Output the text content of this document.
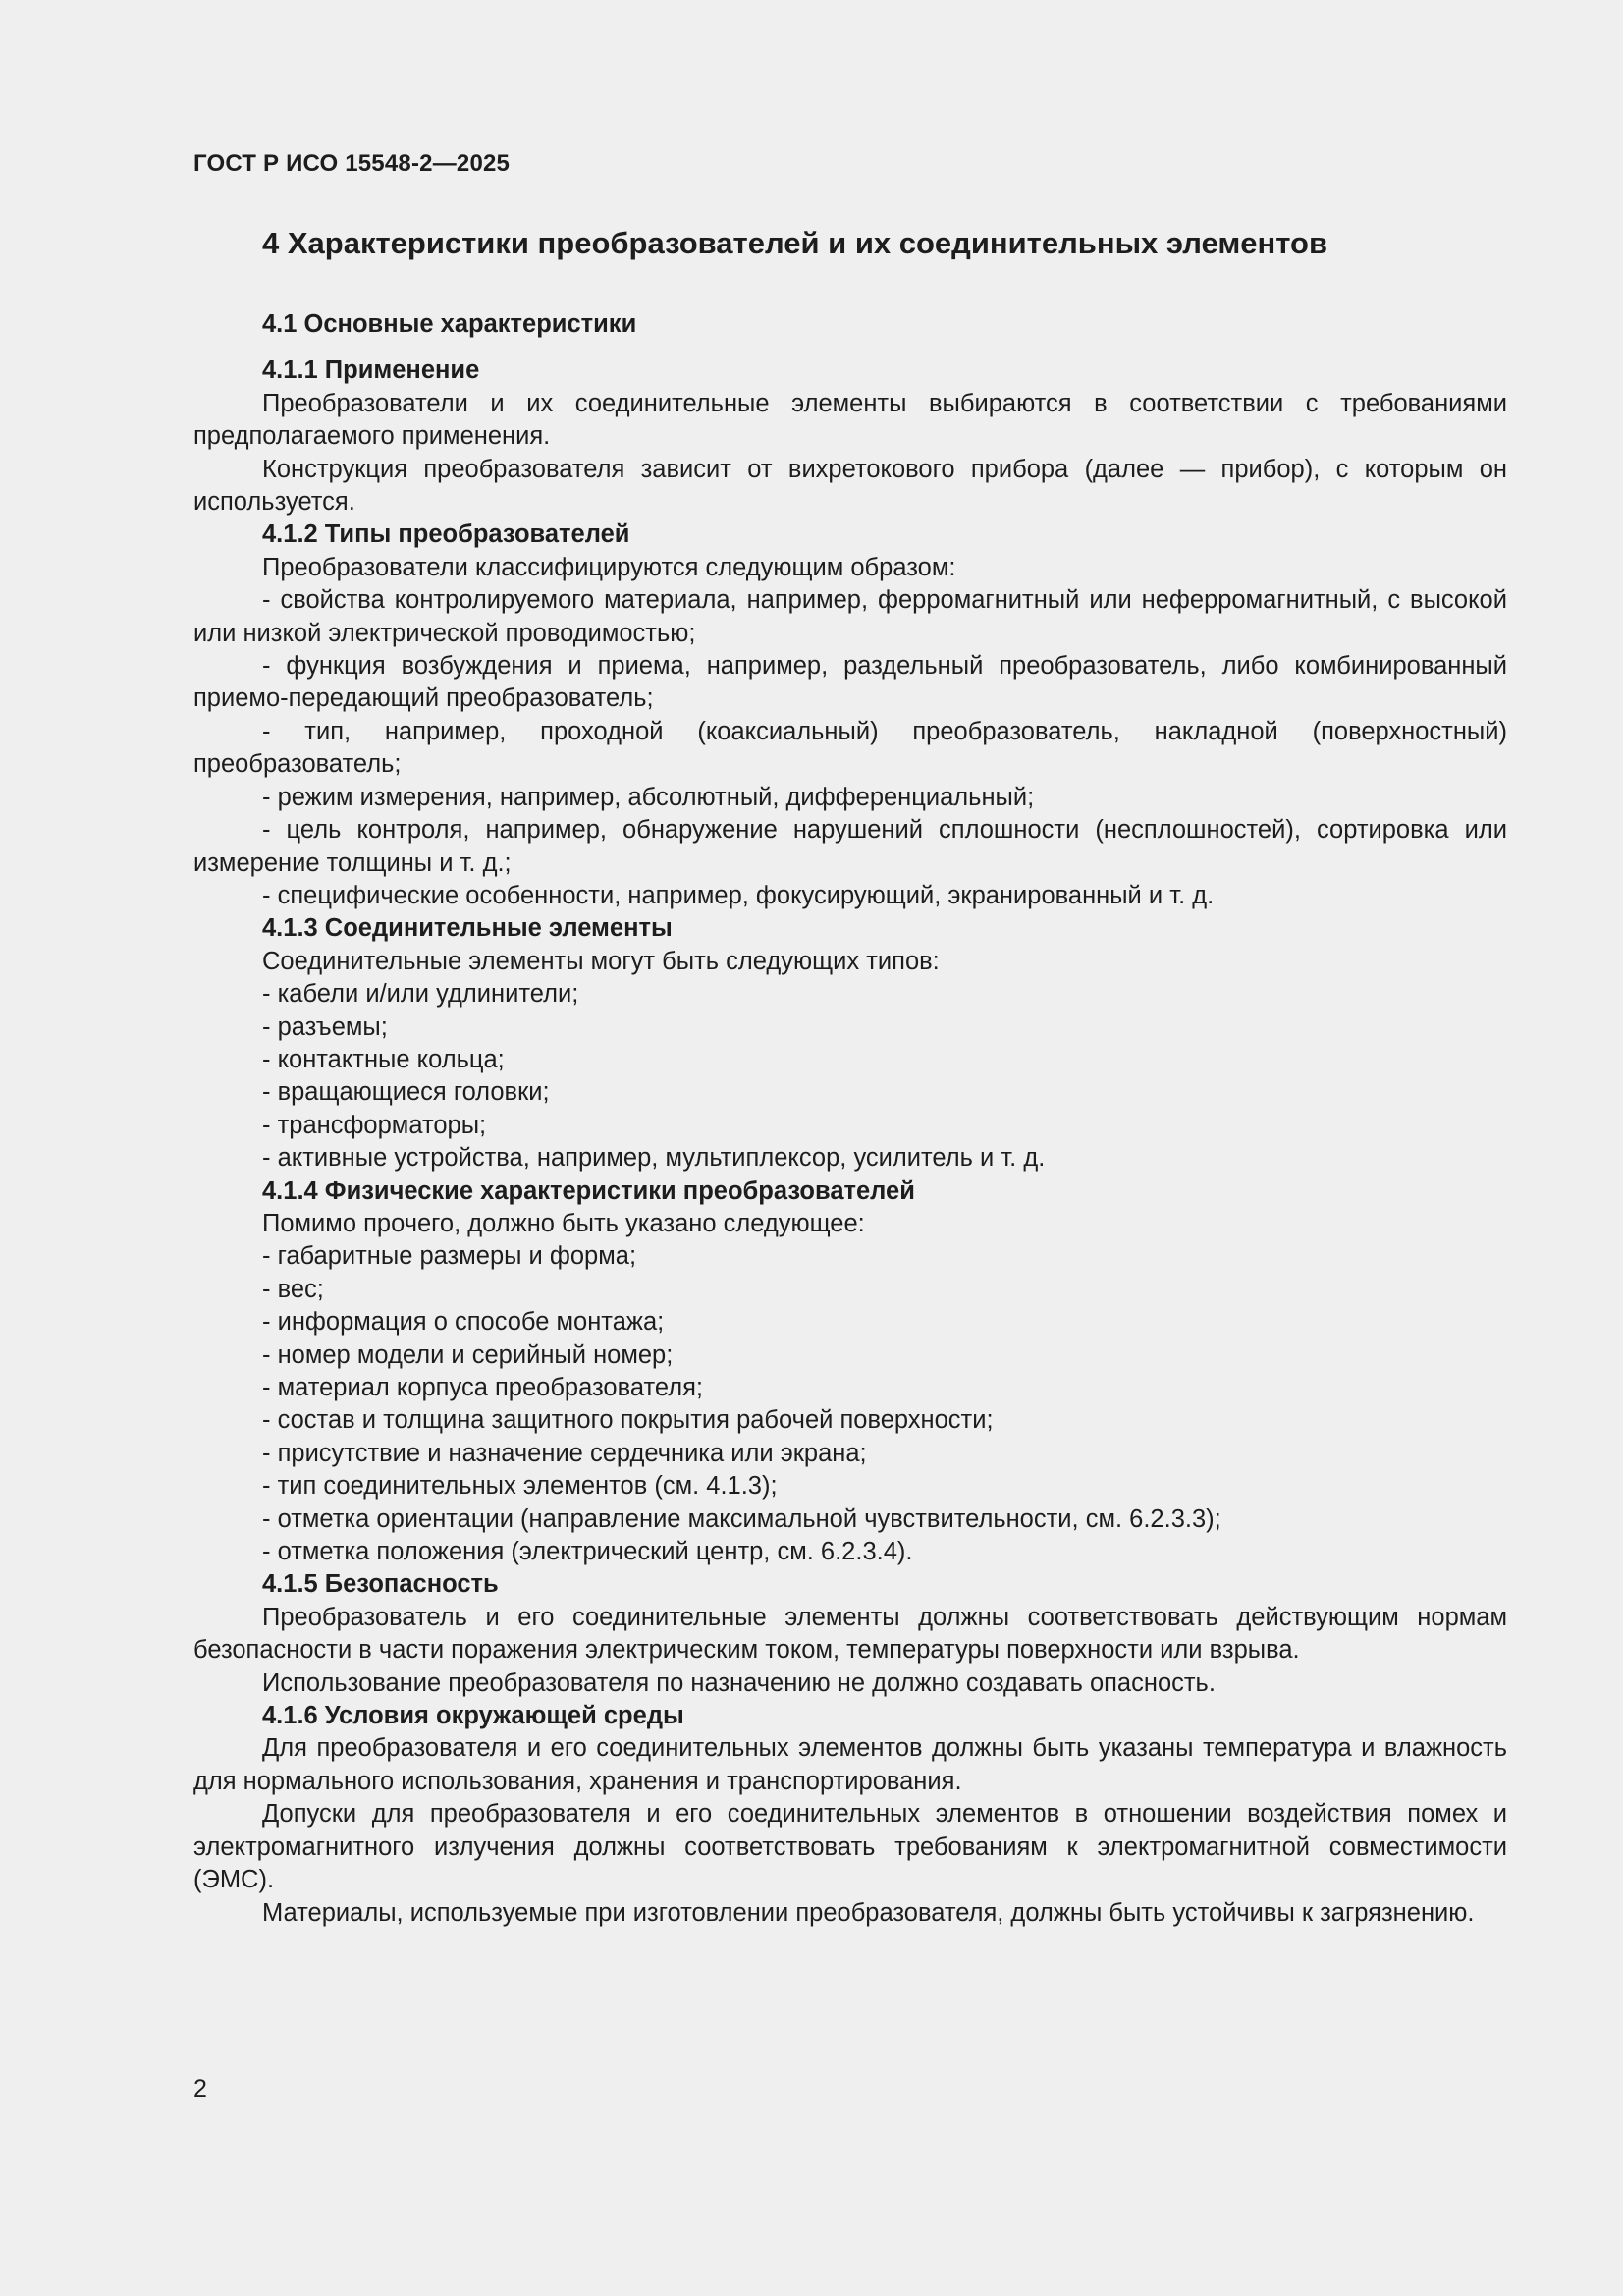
ГОСТ Р ИСО 15548-2—2025
4 Характеристики преобразователей и их соединительных элементов
4.1 Основные характеристики
4.1.1 Применение

Преобразователи и их соединительные элементы выбираются в соответствии с требованиями предполагаемого применения.

Конструкция преобразователя зависит от вихретокового прибора (далее — прибор), с которым он используется.

4.1.2 Типы преобразователей

Преобразователи классифицируются следующим образом:

- свойства контролируемого материала, например, ферромагнитный или неферромагнитный, с высокой или низкой электрической проводимостью;

- функция возбуждения и приема, например, раздельный преобразователь, либо комбинированный приемо-передающий преобразователь;

- тип, например, проходной (коаксиальный) преобразователь, накладной (поверхностный) преобразователь;

- режим измерения, например, абсолютный, дифференциальный;

- цель контроля, например, обнаружение нарушений сплошности (несплошностей), сортировка или измерение толщины и т. д.;

- специфические особенности, например, фокусирующий, экранированный и т. д.

4.1.3 Соединительные элементы

Соединительные элементы могут быть следующих типов:

- кабели и/или удлинители;
- разъемы;
- контактные кольца;
- вращающиеся головки;
- трансформаторы;
- активные устройства, например, мультиплексор, усилитель и т. д.
4.1.4 Физические характеристики преобразователей

Помимо прочего, должно быть указано следующее:

- габаритные размеры и форма;
- вес;
- информация о способе монтажа;
- номер модели и серийный номер;
- материал корпуса преобразователя;
- состав и толщина защитного покрытия рабочей поверхности;
- присутствие и назначение сердечника или экрана;
- тип соединительных элементов (см. 4.1.3);
- отметка ориентации (направление максимальной чувствительности, см. 6.2.3.3);
- отметка положения (электрический центр, см. 6.2.3.4).
4.1.5 Безопасность

Преобразователь и его соединительные элементы должны соответствовать действующим нормам безопасности в части поражения электрическим током, температуры поверхности или взрыва.

Использование преобразователя по назначению не должно создавать опасность.

4.1.6 Условия окружающей среды

Для преобразователя и его соединительных элементов должны быть указаны температура и влажность для нормального использования, хранения и транспортирования.

Допуски для преобразователя и его соединительных элементов в отношении воздействия помех и электромагнитного излучения должны соответствовать требованиям к электромагнитной совместимости (ЭМС).

Материалы, используемые при изготовлении преобразователя, должны быть устойчивы к загрязнению.

2
